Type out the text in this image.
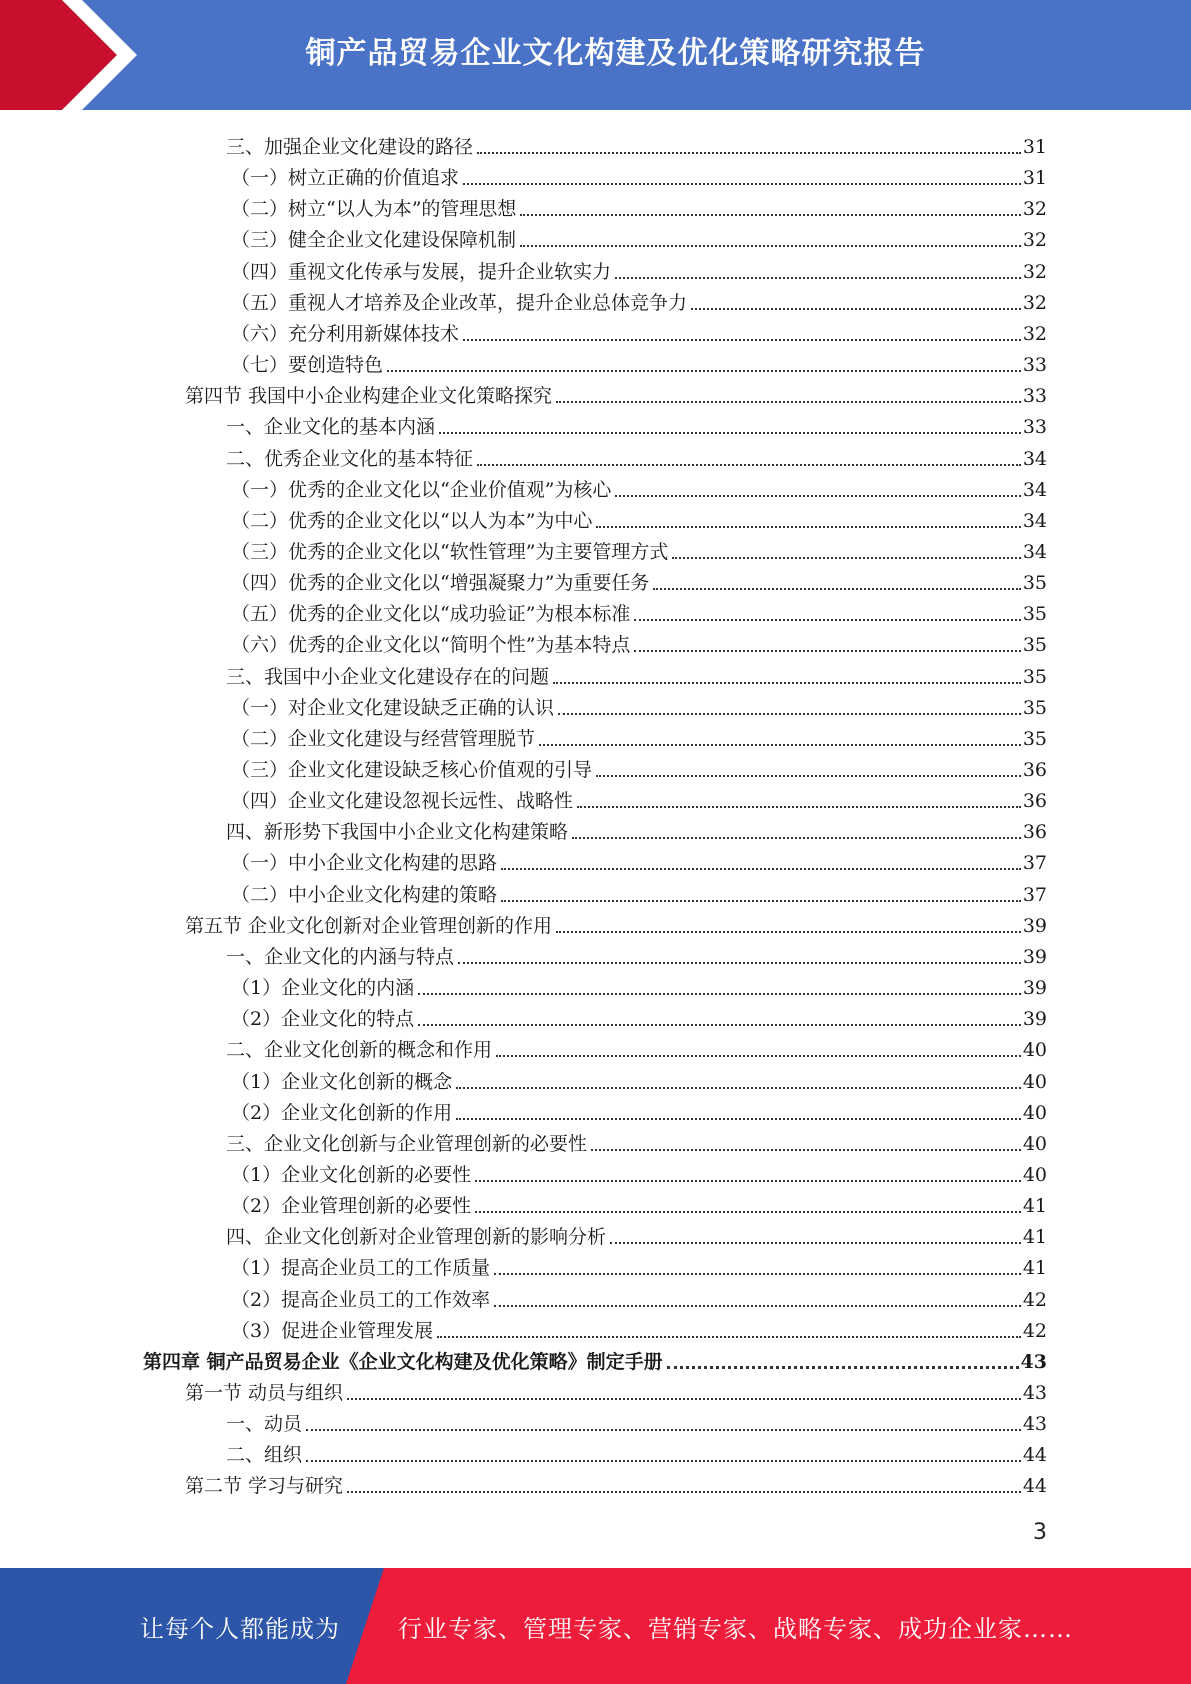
铜产品贸易企业文化构建及优化策略研究报告
三、加强企业文化建设的路径	31
（一）树立正确的价值追求	31
（二）树立“以人为本”的管理思想	32
（三）健全企业文化建设保障机制	32
（四）重视文化传承与发展，提升企业软实力	32
（五）重视人才培养及企业改革，提升企业总体竞争力	32
（六）充分利用新媒体技术	32
（七）要创造特色	33
第四节 我国中小企业构建企业文化策略探究	33
一、企业文化的基本内涵	33
二、优秀企业文化的基本特征	34
（一）优秀的企业文化以“企业价值观”为核心	34
（二）优秀的企业文化以“以人为本”为中心	34
（三）优秀的企业文化以“软性管理”为主要管理方式	34
（四）优秀的企业文化以“增强凝聚力”为重要任务	35
（五）优秀的企业文化以“成功验证”为根本标准	35
（六）优秀的企业文化以“简明个性”为基本特点	35
三、我国中小企业文化建设存在的问题	35
（一）对企业文化建设缺乏正确的认识	35
（二）企业文化建设与经营管理脱节	35
（三）企业文化建设缺乏核心价值观的引导	36
（四）企业文化建设忽视长远性、战略性	36
四、新形势下我国中小企业文化构建策略	36
（一）中小企业文化构建的思路	37
（二）中小企业文化构建的策略	37
第五节 企业文化创新对企业管理创新的作用	39
一、企业文化的内涵与特点	39
（1）企业文化的内涵	39
（2）企业文化的特点	39
二、企业文化创新的概念和作用	40
（1）企业文化创新的概念	40
（2）企业文化创新的作用	40
三、企业文化创新与企业管理创新的必要性	40
（1）企业文化创新的必要性	40
（2）企业管理创新的必要性	41
四、企业文化创新对企业管理创新的影响分析	41
（1）提高企业员工的工作质量	41
（2）提高企业员工的工作效率	42
（3）促进企业管理发展	42
第四章 铜产品贸易企业《企业文化构建及优化策略》制定手册	43
第一节 动员与组织	43
一、动员	43
二、组织	44
第二节 学习与研究	44
3
让每个人都能成为 行业专家、管理专家、营销专家、战略专家、成功企业家……
